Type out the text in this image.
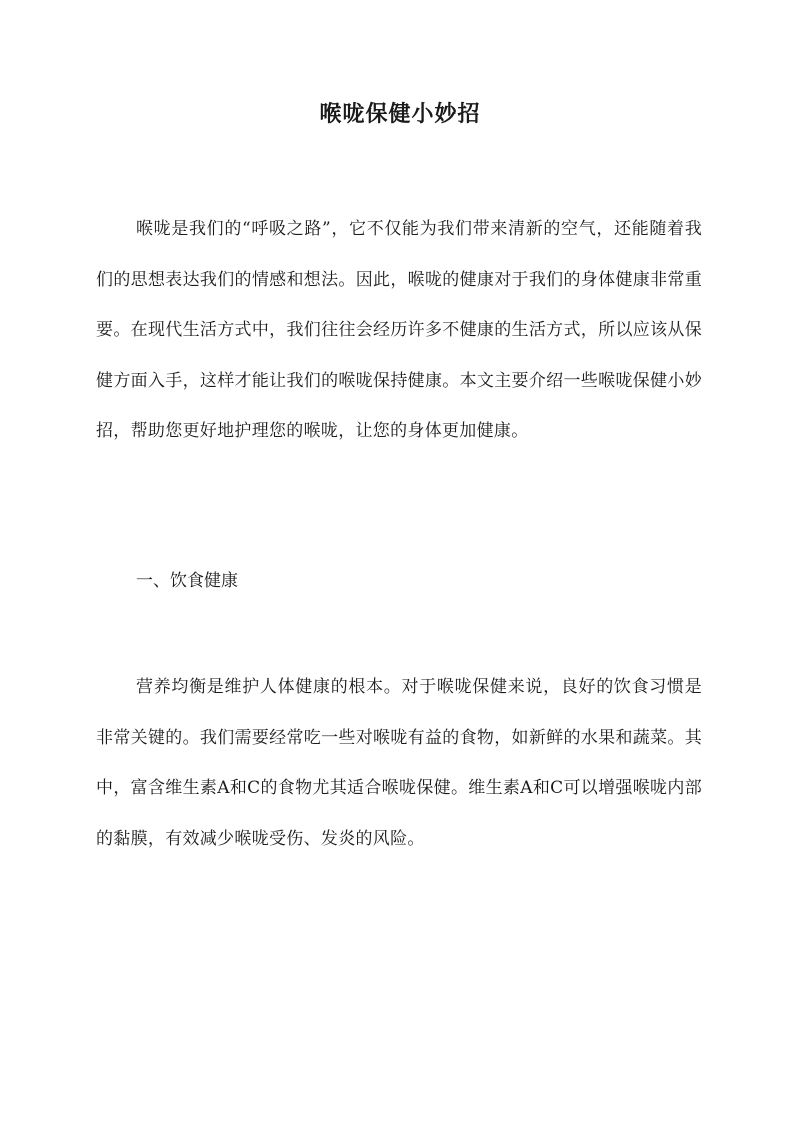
喉咙保健小妙招

喉咙是我们的“呼吸之路”，它不仅能为我们带来清新的空气，还能随着我们的思想表达我们的情感和想法。因此，喉咙的健康对于我们的身体健康非常重要。在现代生活方式中，我们往往会经历许多不健康的生活方式，所以应该从保健方面入手，这样才能让我们的喉咙保持健康。本文主要介绍一些喉咙保健小妙招，帮助您更好地护理您的喉咙，让您的身体更加健康。

一、饮食健康

营养均衡是维护人体健康的根本。对于喉咙保健来说，良好的饮食习惯是非常关键的。我们需要经常吃一些对喉咙有益的食物，如新鲜的水果和蔬菜。其中，富含维生素A和C的食物尤其适合喉咙保健。维生素A和C可以增强喉咙内部的黏膜，有效减少喉咙受伤、发炎的风险。
